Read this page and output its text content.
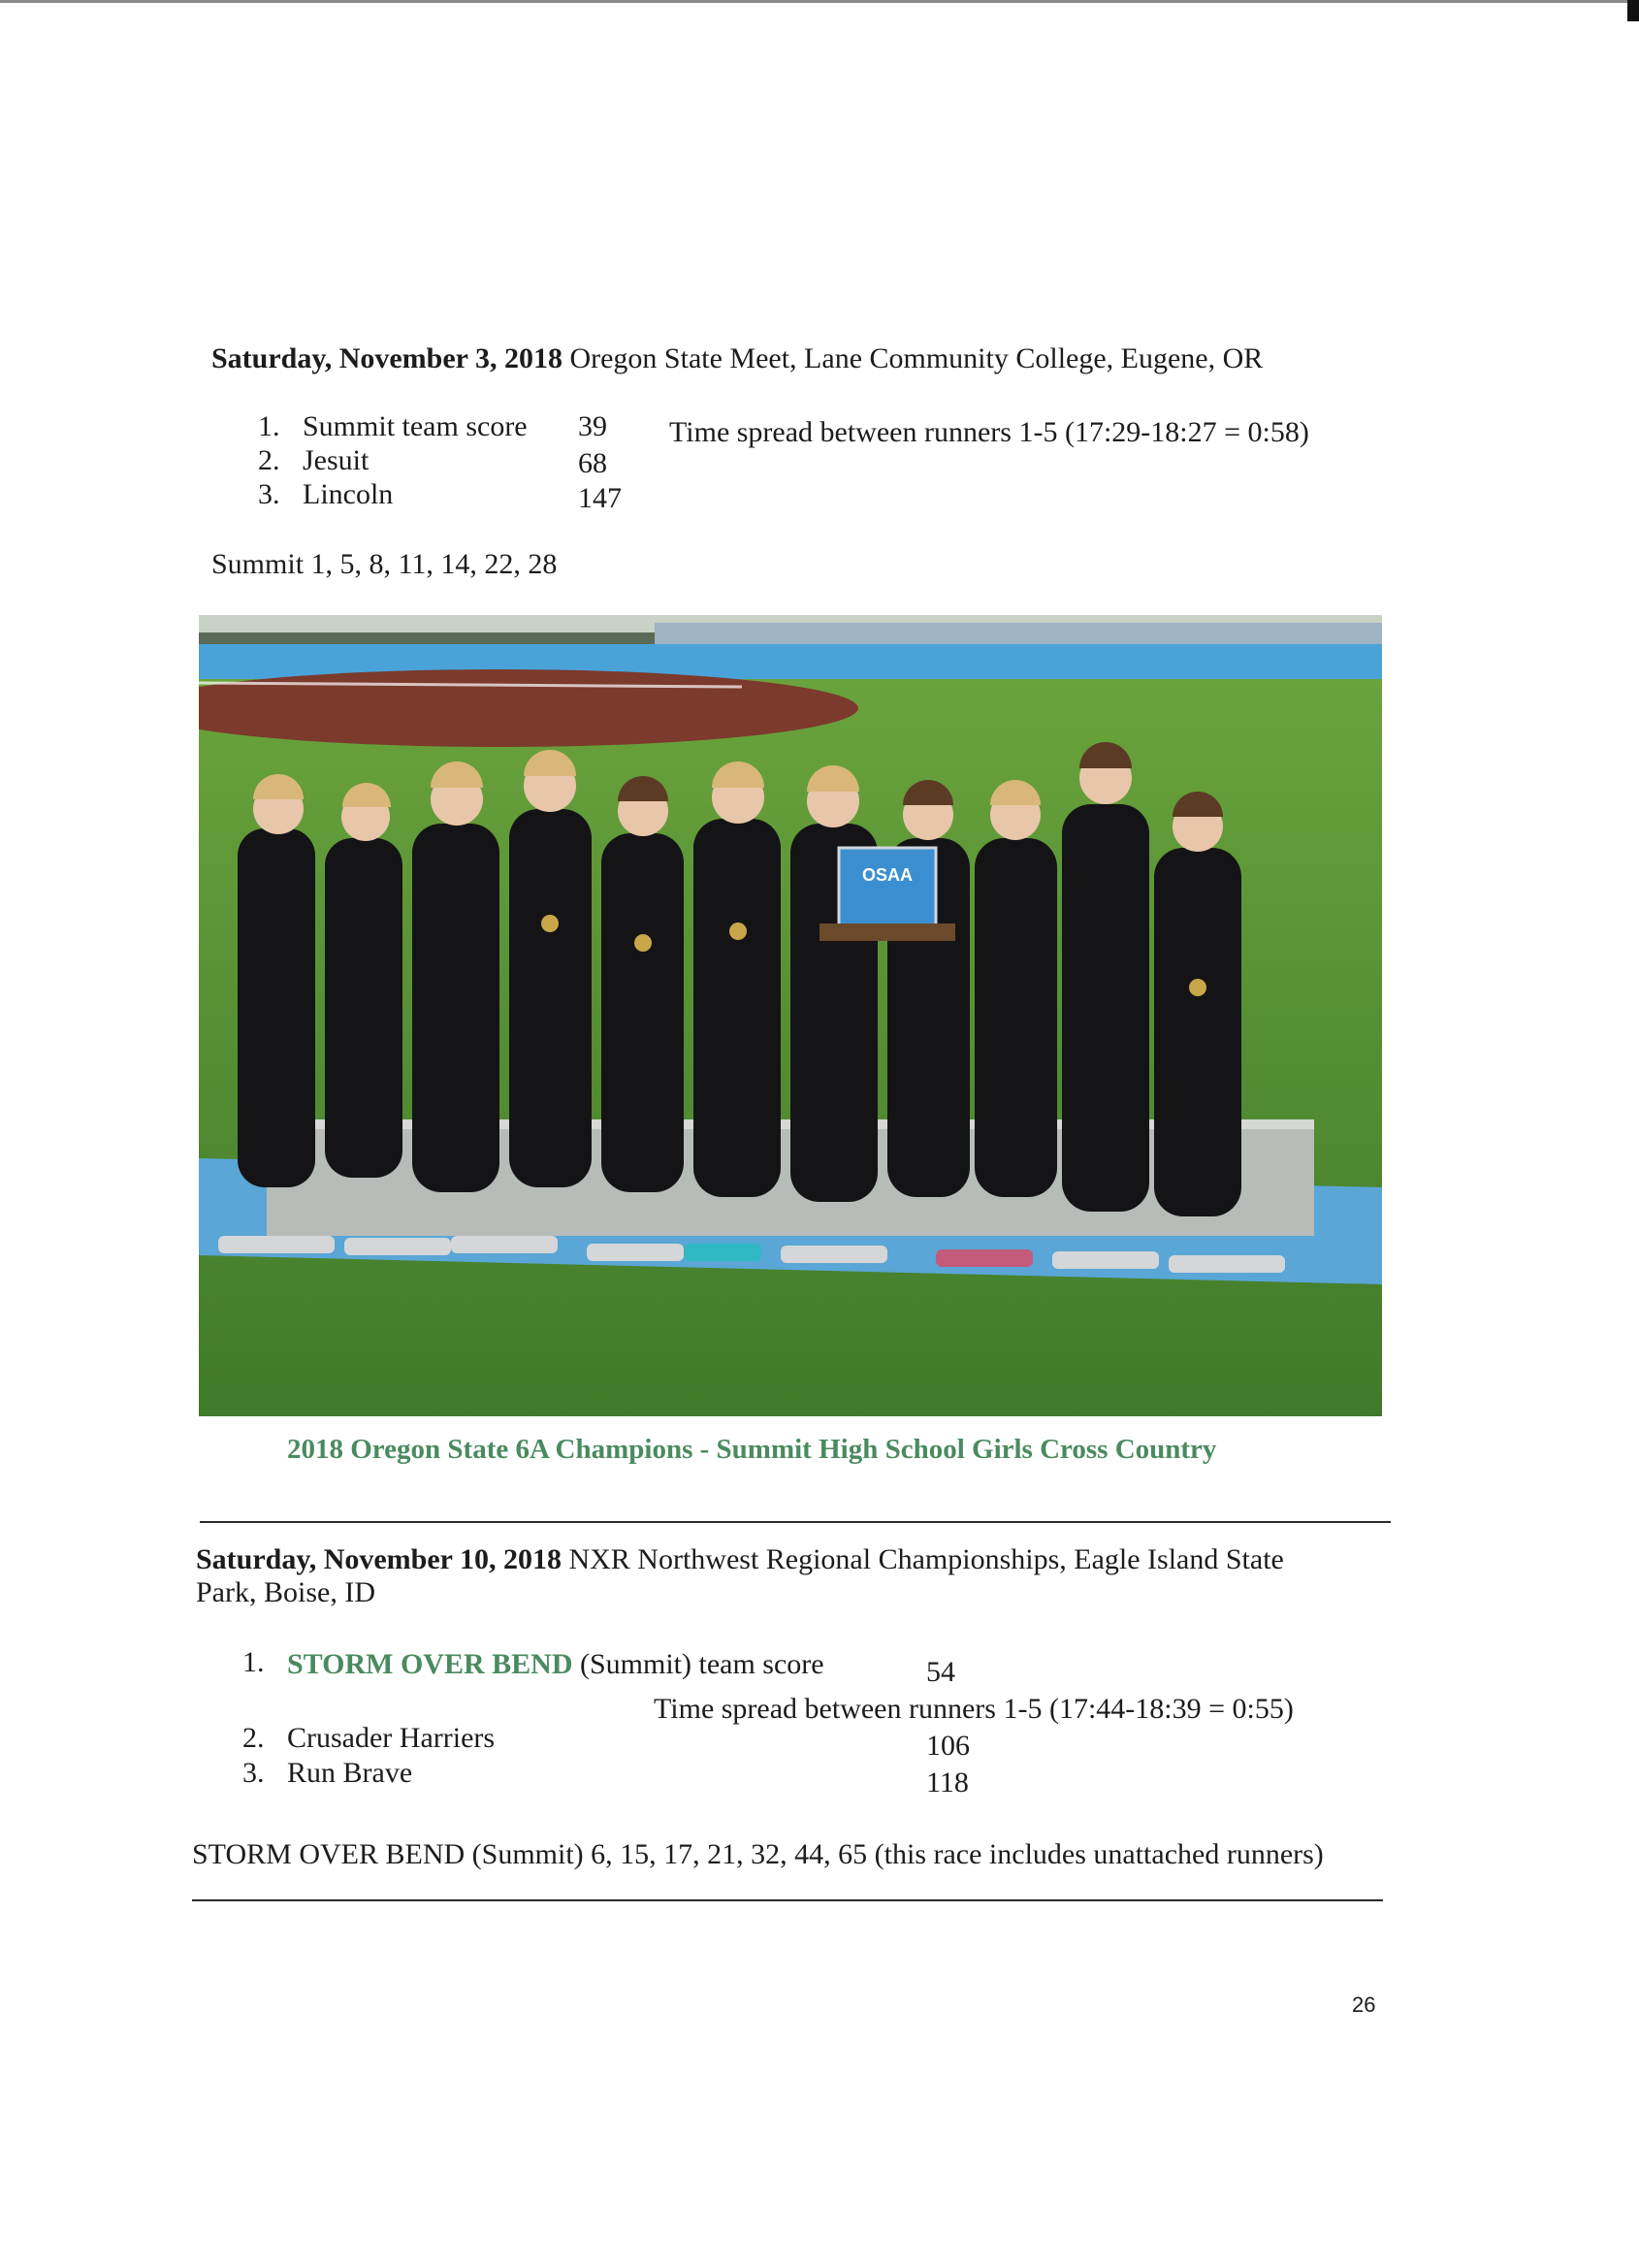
Saturday, November 3, 2018 Oregon State Meet, Lane Community College, Eugene, OR
1. Summit team score 39 Time spread between runners 1-5 (17:29-18:27 = 0:58)
2. Jesuit	68
3. Lincoln	147
Summit 1, 5, 8, 11, 14, 22, 28
OSAA
2018 Oregon State 6A Champions - Summit High School Girls Cross Country
Saturday, November 10, 2018 NXR Northwest Regional Championships, Eagle Island State
Park, Boise, ID
1. STORM OVER BEND (Summit) team score	54
Time spread between runners 1-5 (17:44-18:39 = 0:55)
2. Crusader Harriers	106
3. Run Brave	118
STORM OVER BEND (Summit) 6, 15, 17, 21, 32, 44, 65 (this race includes unattached runners)
26
